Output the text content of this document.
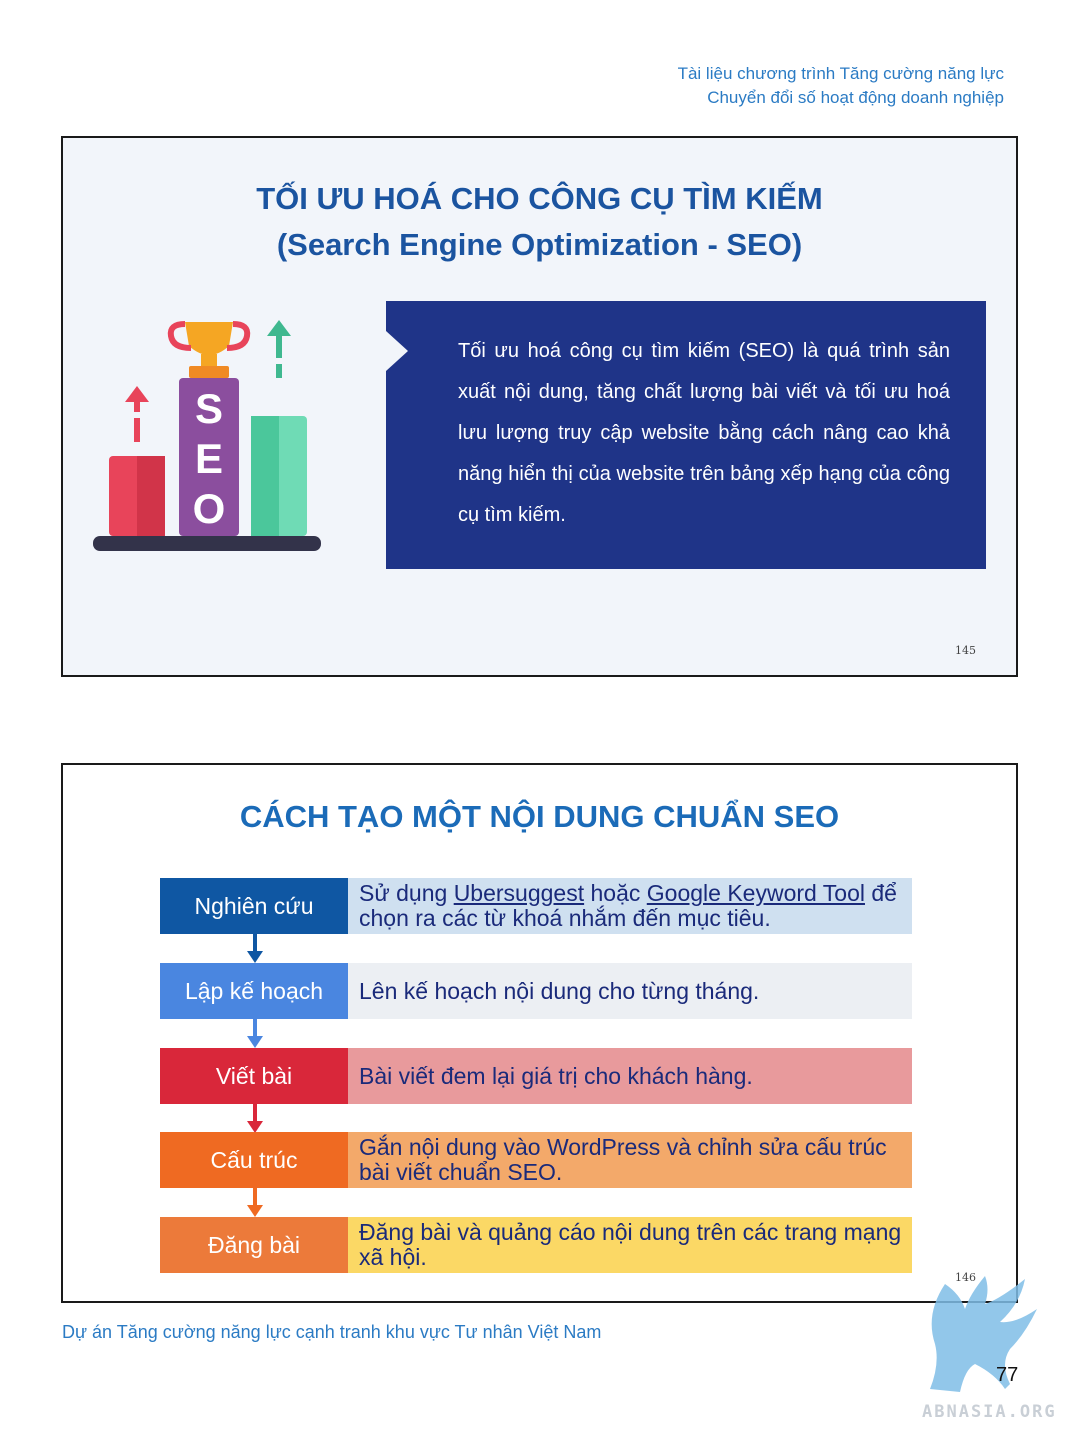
Tài liệu chương trình Tăng cường năng lực
Chuyển đổi số hoạt động doanh nghiệp
TỐI ƯU HOÁ CHO CÔNG CỤ TÌM KIẾM
(Search Engine Optimization - SEO)
S
E
O
Tối ưu hoá công cụ tìm kiếm (SEO) là quá trình sản xuất nội dung, tăng chất lượng bài viết và tối ưu hoá lưu lượng truy cập website bằng cách nâng cao khả năng hiển thị của website trên bảng xếp hạng của công cụ tìm kiếm.
145
CÁCH TẠO MỘT NỘI DUNG CHUẨN SEO
Nghiên cứu	Sử dụng Ubersuggest hoặc Google Keyword Tool để chọn ra các từ khoá nhắm đến mục tiêu.
Lập kế hoạch	Lên kế hoạch nội dung cho từng tháng.
Viết bài	Bài viết đem lại giá trị cho khách hàng.
Cấu trúc	Gắn nội dung vào WordPress và chỉnh sửa cấu trúc bài viết chuẩn SEO.
Đăng bài	Đăng bài và quảng cáo nội dung trên các trang mạng xã hội.
146
Dự án Tăng cường năng lực cạnh tranh khu vực Tư nhân Việt Nam
ABNASIA.ORG
77
